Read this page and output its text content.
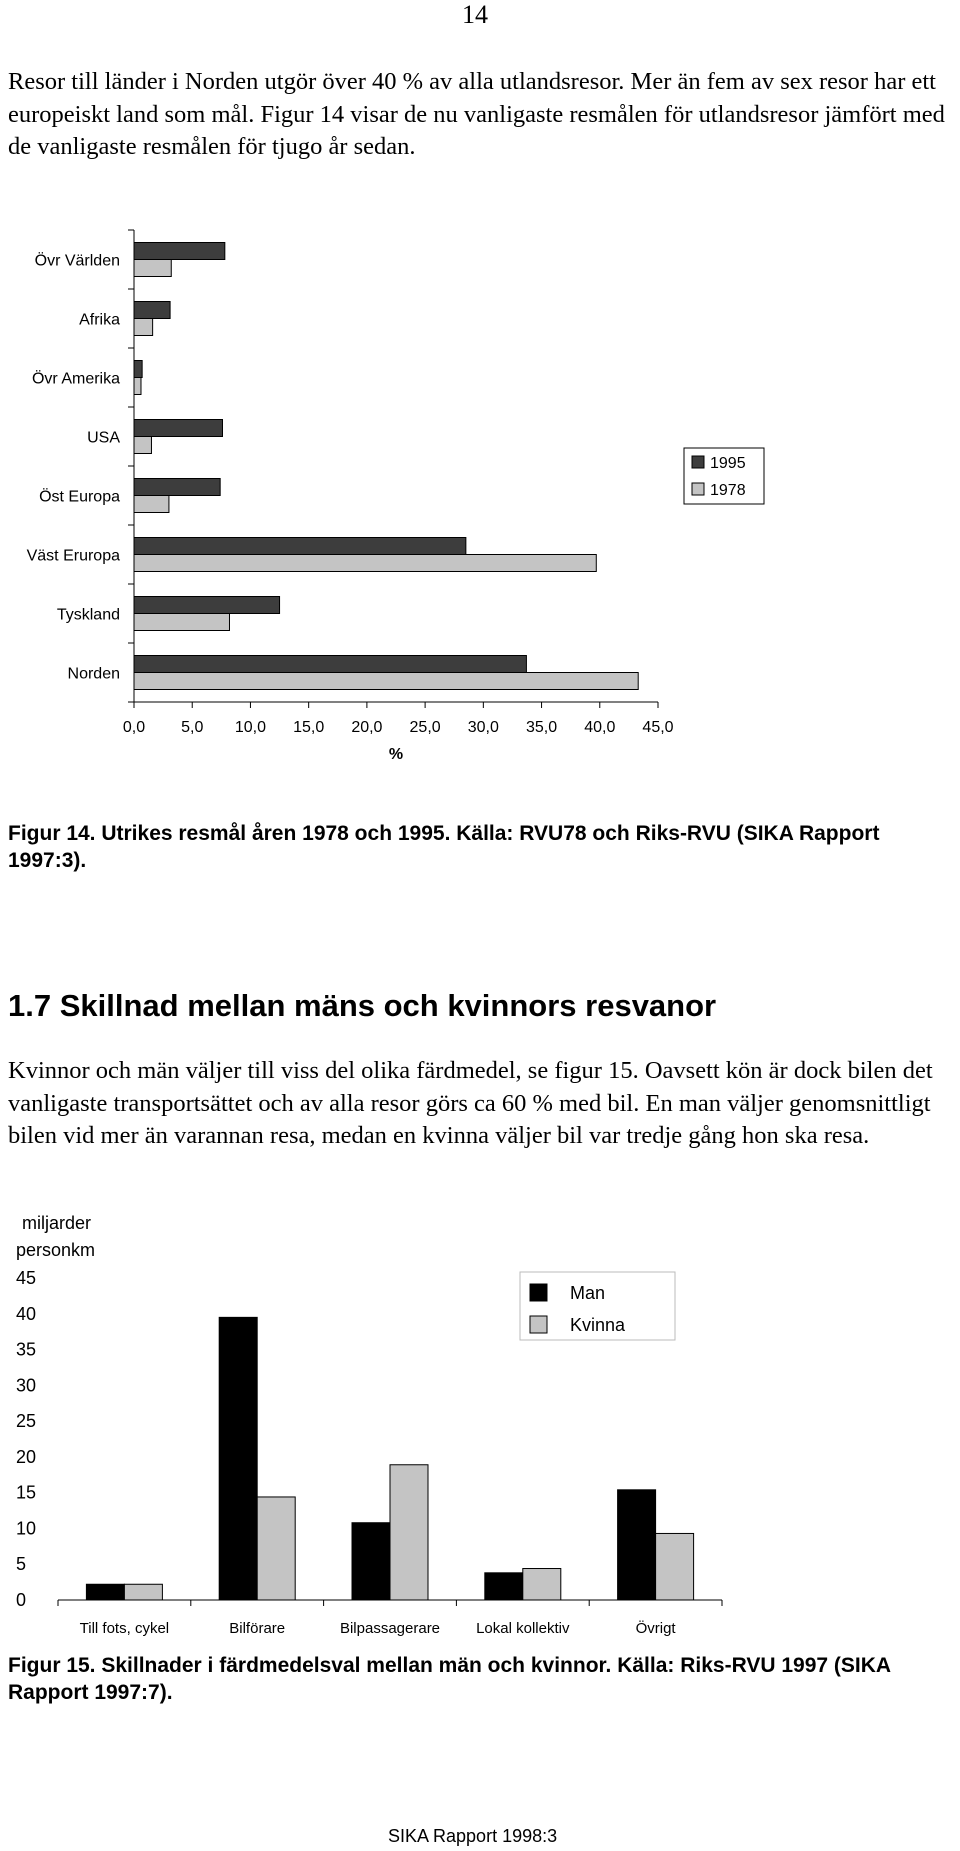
14

Resor till länder i Norden utgör över 40 % av alla utlandsresor. Mer än fem av sex resor har ett europeiskt land som mål. Figur 14 visar de nu vanligaste resmålen för utlandsresor jämfört med de vanligaste resmålen för tjugo år sedan.

Övr Världen
Afrika
Övr Amerika
USA
Öst Europa
Väst Eruropa
Tyskland
Norden
0,0 5,0 10,0 15,0 20,0 25,0 30,0 35,0 40,0 45,0
%
1995
1978

Figur 14. Utrikes resmål åren 1978 och 1995. Källa: RVU78 och Riks-RVU (SIKA Rapport 1997:3).

1.7 Skillnad mellan mäns och kvinnors resvanor

Kvinnor och män väljer till viss del olika färdmedel, se figur 15. Oavsett kön är dock bilen det vanligaste transportsättet och av alla resor görs ca 60 % med bil. En man väljer genomsnittligt bilen vid mer än varannan resa, medan en kvinna väljer bil var tredje gång hon ska resa.

miljarder
personkm
0
5
10
15
20
25
30
35
40
45
Till fots, cykel	Bilförare	Bilpassagerare Lokal kollektiv	Övrigt
Man
Kvinna

Figur 15. Skillnader i färdmedelsval mellan män och kvinnor. Källa: Riks-RVU 1997 (SIKA Rapport 1997:7).

SIKA Rapport 1998:3
